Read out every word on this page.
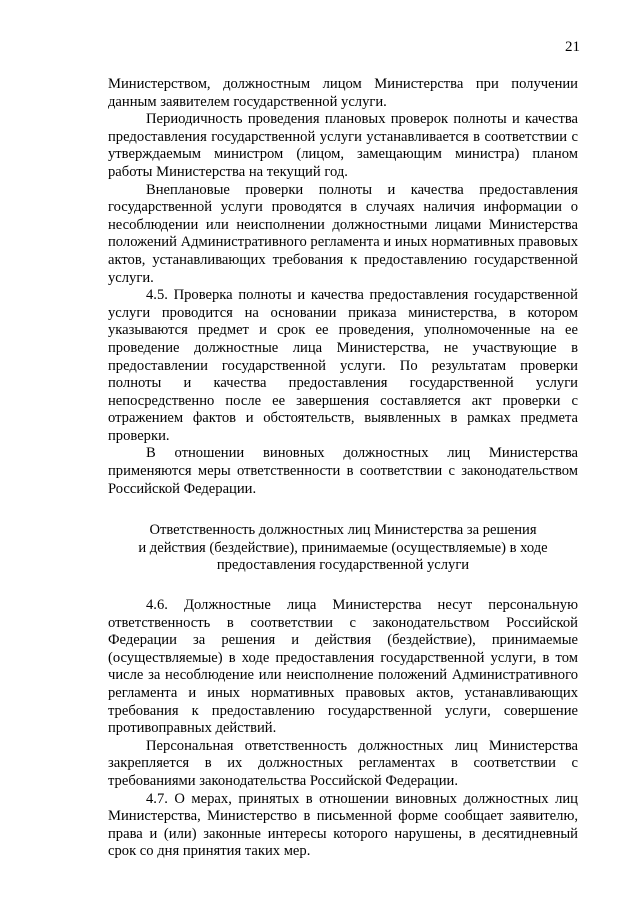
21

Министерством, должностным лицом Министерства при получении данным заявителем государственной услуги.

Периодичность проведения плановых проверок полноты и качества предоставления государственной услуги устанавливается в соответствии с утверждаемым министром (лицом, замещающим министра) планом работы Министерства на текущий год.

Внеплановые проверки полноты и качества предоставления государственной услуги проводятся в случаях наличия информации о несоблюдении или неисполнении должностными лицами Министерства положений Административного регламента и иных нормативных правовых актов, устанавливающих требования к предоставлению государственной услуги.

4.5. Проверка полноты и качества предоставления государственной услуги проводится на основании приказа министерства, в котором указываются предмет и срок ее проведения, уполномоченные на ее проведение должностные лица Министерства, не участвующие в предоставлении государственной услуги. По результатам проверки полноты и качества предоставления государственной услуги непосредственно после ее завершения составляется акт проверки с отражением фактов и обстоятельств, выявленных в рамках предмета проверки.

В отношении виновных должностных лиц Министерства применяются меры ответственности в соответствии с законодательством Российской Федерации.

Ответственность должностных лиц Министерства за решения
и действия (бездействие), принимаемые (осуществляемые) в ходе
предоставления государственной услуги

4.6. Должностные лица Министерства несут персональную ответственность в соответствии с законодательством Российской Федерации за решения и действия (бездействие), принимаемые (осуществляемые) в ходе предоставления государственной услуги, в том числе за несоблюдение или неисполнение положений Административного регламента и иных нормативных правовых актов, устанавливающих требования к предоставлению государственной услуги, совершение противоправных действий.

Персональная ответственность должностных лиц Министерства закрепляется в их должностных регламентах в соответствии с требованиями законодательства Российской Федерации.

4.7. О мерах, принятых в отношении виновных должностных лиц Министерства, Министерство в письменной форме сообщает заявителю, права и (или) законные интересы которого нарушены, в десятидневный срок со дня принятия таких мер.
